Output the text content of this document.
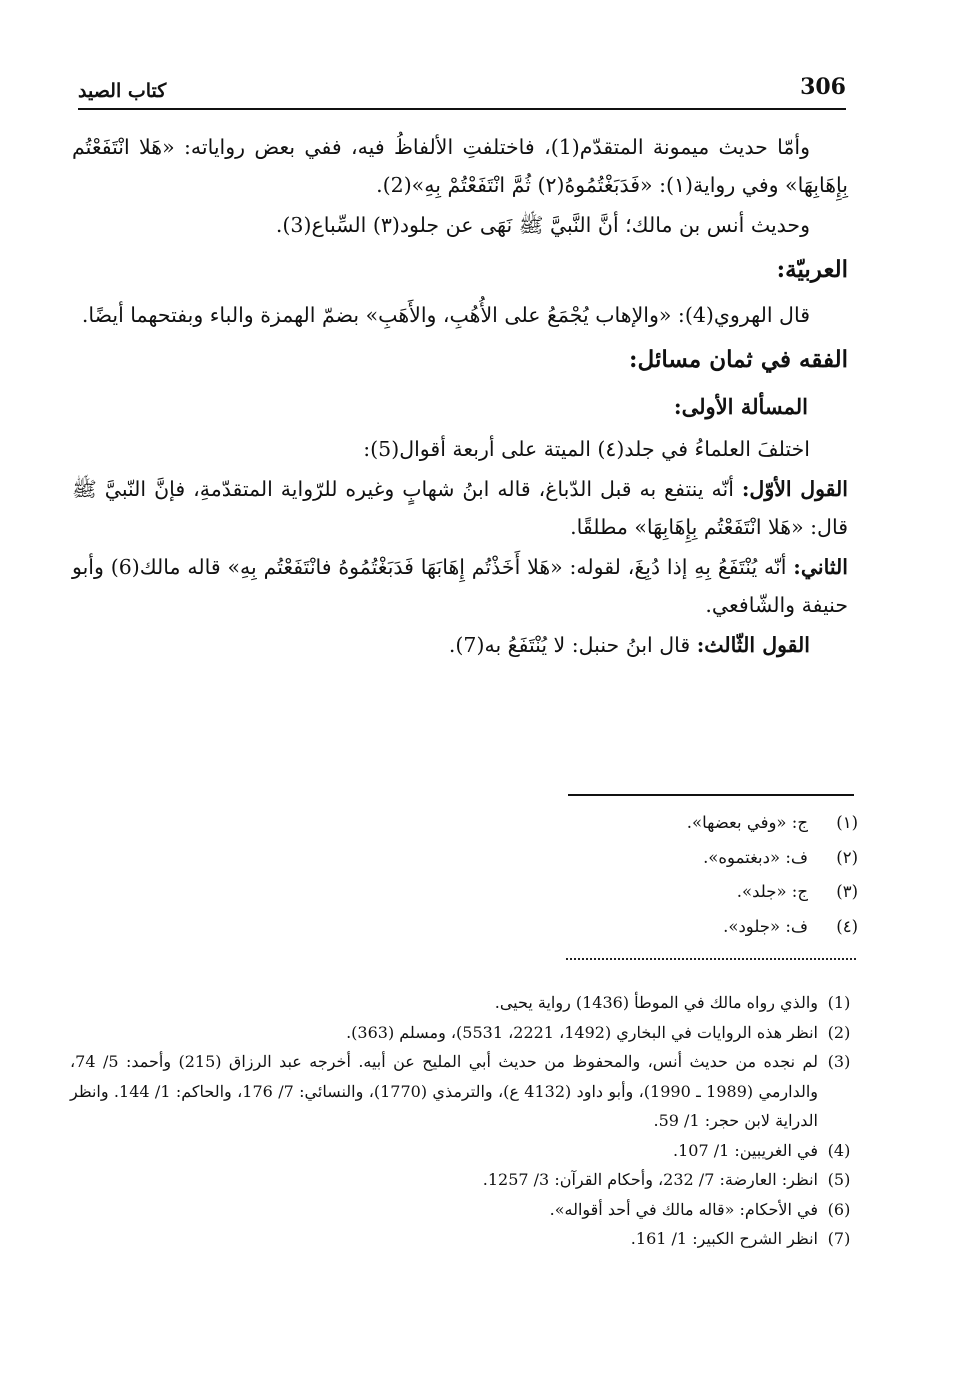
306
كتاب الصيد

وأمّا حديث ميمونة المتقدّم(1)، فاختلفتِ الألفاظُ فيه، ففي بعض رواياته: «هَلا انْتَفَعْتُم بِإِهَابِهَا» وفي رواية(١): «فَدَبَغْتُمُوهُ(٢) ثُمَّ انْتَفَعْتُمْ بِهِ»(2).

وحديث أنس بن مالك؛ أنَّ النَّبيَّ ﷺ نَهَى عن جلود(٣) السِّباع(3).

العربيّة:

قال الهروي(4): «والإهاب يُجْمَعُ على الأُهُبِ، والأَهَبِ» بضمّ الهمزة والباء وبفتحهما أيضًا.

الفقه في ثمان مسائل:
المسألة الأولى:

اختلفَ العلماءُ في جلد(٤) الميتة على أربعة أقوال(5):

القول الأوّل: أنّه ينتفع به قبل الدّباغ، قاله ابنُ شهابٍ وغيره للرّواية المتقدّمةِ، فإنَّ النّبيَّ ﷺ قال: «هَلا انْتَفَعْتُم بِإِهَابِهَا» مطلقًا.

الثاني: أنّه يُنْتَفَعُ بِهِ إذا دُبِغَ، لقوله: «هَلا أَخَذْتُم إِهَابَهَا فَدَبَغْتُمُوهُ فانْتَفَعْتُم بِهِ» قاله مالك(6) وأبو حنيفة والشّافعي.

القول الثّالث: قال ابنُ حنبل: لا يُنْتَفَعُ به(7).

(١)
ج: «وفي بعضها».
(٢)
ف: «دبغتموه».
(٣)
ج: «جلد».
(٤)
ف: «جلود».
(1)
والذي رواه مالك في الموطأ (1436) رواية يحيى.
(2)
انظر هذه الروايات في البخاري (1492، 2221، 5531)، ومسلم (363).
(3)
لم نجده من حديث أنس، والمحفوظ من حديث أبي المليح عن أبيه. أخرجه عبد الرزاق (215) وأحمد: 5/ 74، والدارمي (1989 ـ 1990)، وأبو داود (4132 ع)، والترمذي (1770)، والنسائي: 7/ 176، والحاكم: 1/ 144. وانظر الدراية لابن حجر: 1/ 59.
(4)
في الغريبين: 1/ 107.
(5)
انظر: العارضة: 7/ 232، وأحكام القرآن: 3/ 1257.
(6)
في الأحكام: «قاله مالك في أحد أقواله».
(7)
انظر الشرح الكبير: 1/ 161.
